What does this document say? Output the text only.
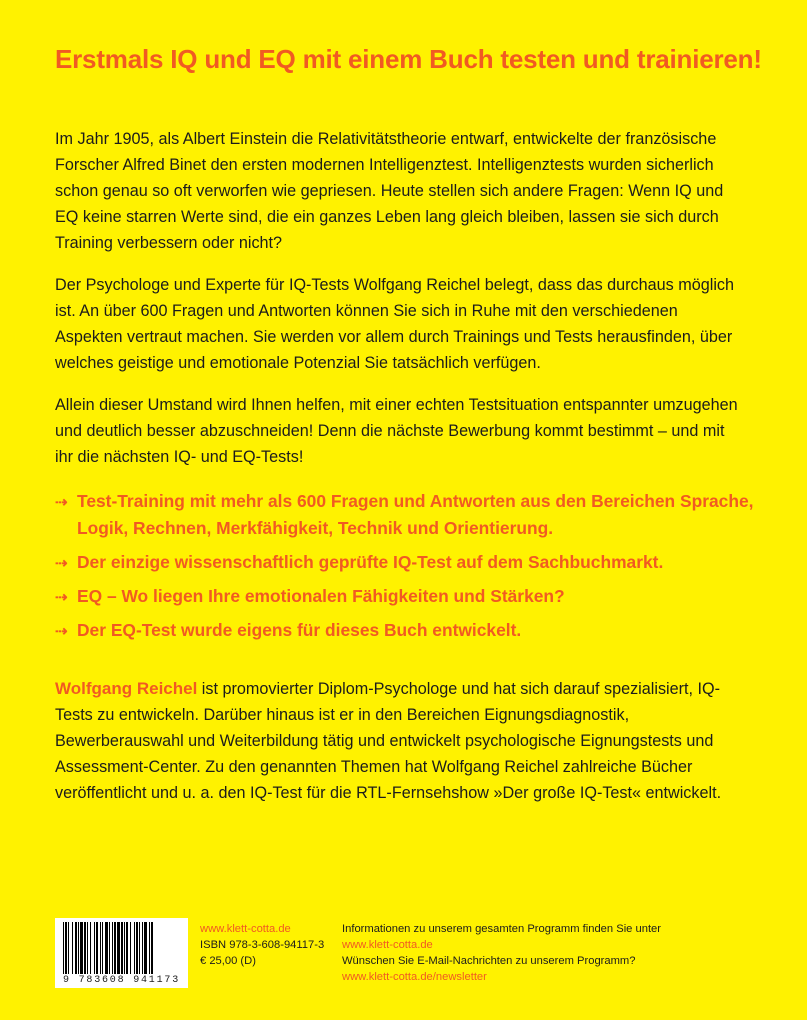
Erstmals IQ und EQ mit einem Buch testen und trainieren!

Im Jahr 1905, als Albert Einstein die Relativitätstheorie entwarf, entwickelte der französische Forscher Alfred Binet den ersten modernen Intelligenztest. Intelligenztests wurden sicherlich schon genau so oft verworfen wie gepriesen. Heute stellen sich andere Fragen: Wenn IQ und EQ keine starren Werte sind, die ein ganzes Leben lang gleich bleiben, lassen sie sich durch Training verbessern oder nicht?

Der Psychologe und Experte für IQ-Tests Wolfgang Reichel belegt, dass das durchaus möglich ist. An über 600 Fragen und Antworten können Sie sich in Ruhe mit den verschiedenen Aspekten vertraut machen. Sie werden vor allem durch Trainings und Tests herausfinden, über welches geistige und emotionale Potenzial Sie tatsächlich verfügen.

Allein dieser Umstand wird Ihnen helfen, mit einer echten Testsituation entspannter umzugehen und deutlich besser abzuschneiden! Denn die nächste Bewerbung kommt bestimmt – und mit ihr die nächsten IQ- und EQ-Tests!

⇢ Test-Training mit mehr als 600 Fragen und Antworten aus den Bereichen Sprache, Logik, Rechnen, Merkfähigkeit, Technik und Orientierung.
⇢ Der einzige wissenschaftlich geprüfte IQ-Test auf dem Sachbuchmarkt.
⇢ EQ – Wo liegen Ihre emotionalen Fähigkeiten und Stärken?
⇢ Der EQ-Test wurde eigens für dieses Buch entwickelt.

Wolfgang Reichel ist promovierter Diplom-Psychologe und hat sich darauf spezialisiert, IQ-Tests zu entwickeln. Darüber hinaus ist er in den Bereichen Eignungsdiagnostik, Bewerberauswahl und Weiterbildung tätig und entwickelt psychologische Eignungstests und Assessment-Center. Zu den genannten Themen hat Wolfgang Reichel zahlreiche Bücher veröffentlicht und u. a. den IQ-Test für die RTL-Fernsehshow »Der große IQ-Test« entwickelt.

9 783608 941173
www.klett-cotta.de
ISBN 978-3-608-94117-3
€ 25,00 (D)
Informationen zu unserem gesamten Programm finden Sie unter
www.klett-cotta.de
Wünschen Sie E-Mail-Nachrichten zu unserem Programm?
www.klett-cotta.de/newsletter
